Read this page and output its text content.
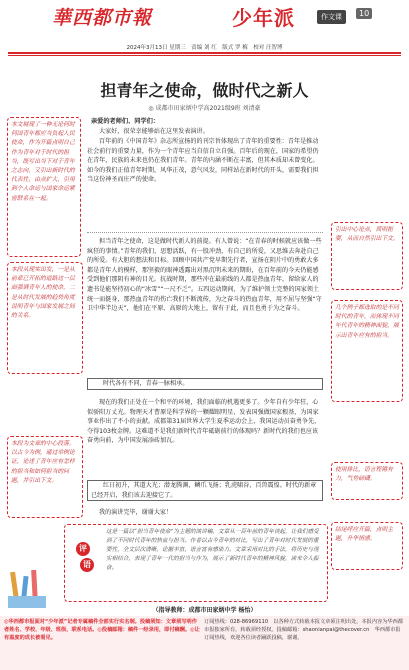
華西都市報	少年派	作文课	10
2024年3月13日 星期三　责编 刘 红　版式 罗 梅　校对 汪智博
担青年之使命，做时代之新人
◎ 成都市田家炳中学高2021级9班 刘清豪
亲爱的老师们、同学们：

大家好，很荣幸能够站在这里发表演讲。

百年前的《中国青年》杂志所宣扬的的刊宗旨体现出了青年的重要性：青年是推动社会前行的重要力量，作为一个青年应当自信自立自强。百年后的现在，国家的希望仍在青年，民族的未来也仍在我们青年。青年的内涵不断在丰富，但其本质却未曾变化。如今的我们正值青年时期，风华正茂，意气风发，同样站在新时代的开头，需要我们担当这份神圣而庄严的使命。

担当青年之使命，这是做时代新人的前提。有人曾说：“在青春的时候就应该做一些疯狂的事情。”青年的我们，思想活跃，有一股冲劲，有自己的所爱，又思维去奔赴自己的所爱。有大胆的想法和目标。回顾中国共产党早期先行者，宣扬在阴片中的勇敢大多都是青年人的模样，那坚毅的眼神透露出对黑沉明未来的期盼，在百年前的今天仍能感受到他们那阴有神的目光。抗战时期，那些冲在最前线的人都是热血青年，留给家人的遗书是能坚持初心的“冰雪”“一尺不乏”。五四运动期间，为了维护领土完整的国家领土统一而挺身，那热血青年的伤亡我们不断流传，为之奋斗的热血青年，用不屈与坚强“守卫中华半边天”，他们在平原、高原的大地上，留有于此，而且也勇于为之奋斗。

时代各有不同，青春一脉相承。

现在的我们正处在一个和平的环境，我们面临的机遇更多了。少年自有少年狂，心似骄阳万丈光。物理天才曹原是科学界的一颗耀眼明星，发表国强做国家根基，为国家事业作出了不小的贡献。成都第31届世界大学生夏季运动会上，我国运动员奋勇争先，夺得103枚金牌。这难道不是我们新时代青年砥砺前行的体现吗？新时代的我们也应该奋勇向前，为中国发展添砖加瓦。

红日初升，其道大光；潜龙腾渊，鳞爪飞扬；乳虎啸谷，百兽震惶。时代的新章已经开启，我们该去迎接它了。

我的演讲完毕，谢谢大家！

本文展现了一种无论何时何国青年都应当负起人民使命，作为开篇点明自己作为青年对于时代的担当，既写出当下对于青年之志向，又引出新时代的代表性，由点扩大，引用到个人命运与国家命运紧密联系在一起。
本段从现实出发，一是从前辈已开拓的道路这一层面强调青年人的使命，二是从时代发展的趋势角度说明青年与国家发展之间的关系。
本段为文章的中心段落，以古今为例，通过举例论证，论述了青年应有怎样的担当和如何担当的问题，并引出下文。
引出中心论点，简明扼要，从而自然引出下文。
几个例子都选取的是不同时代的青年，而体现不同年代青年的精神面貌，展示出青年应有的担当。
使用排比，语言铿锵有力，气势磅礴。
结尾呼应开篇，点明主题，升华情感。
评
语
这是一篇以“担当青年使命”为主题的演讲稿，文章从一百年前的青年谈起，让我们感受到了不同时代青年的热血与担当。作者以古今青年的对比，写出了青年对时代发展的重要性，全文层次清晰，论据丰富，语言富有感染力。文章采用对比的手法，将历史与现实相结合，表现了青年一代的担当与作为，展示了新时代青年的精神风貌，读来令人振奋。
（指导教师：成都市田家炳中学 杨怡）
◎华西都市报面对“少年派”记者专属稿件全部实行实名制。投稿须知：文章须写明作者姓名、学校、年级、班级、联系电话。◎投稿邮箱：稿件一经录用，即付稿酬。◎让有温度的成长被看见。
订阅热线：028-86969110　以各种方式转载本报文章须注明出处。本报内容为华西都市报独家所有，转载须经授权。投稿邮箱：shaonianpai@thecover.cn　华西都市报订阅热线，欢迎各位读者踊跃投稿，谢谢。
